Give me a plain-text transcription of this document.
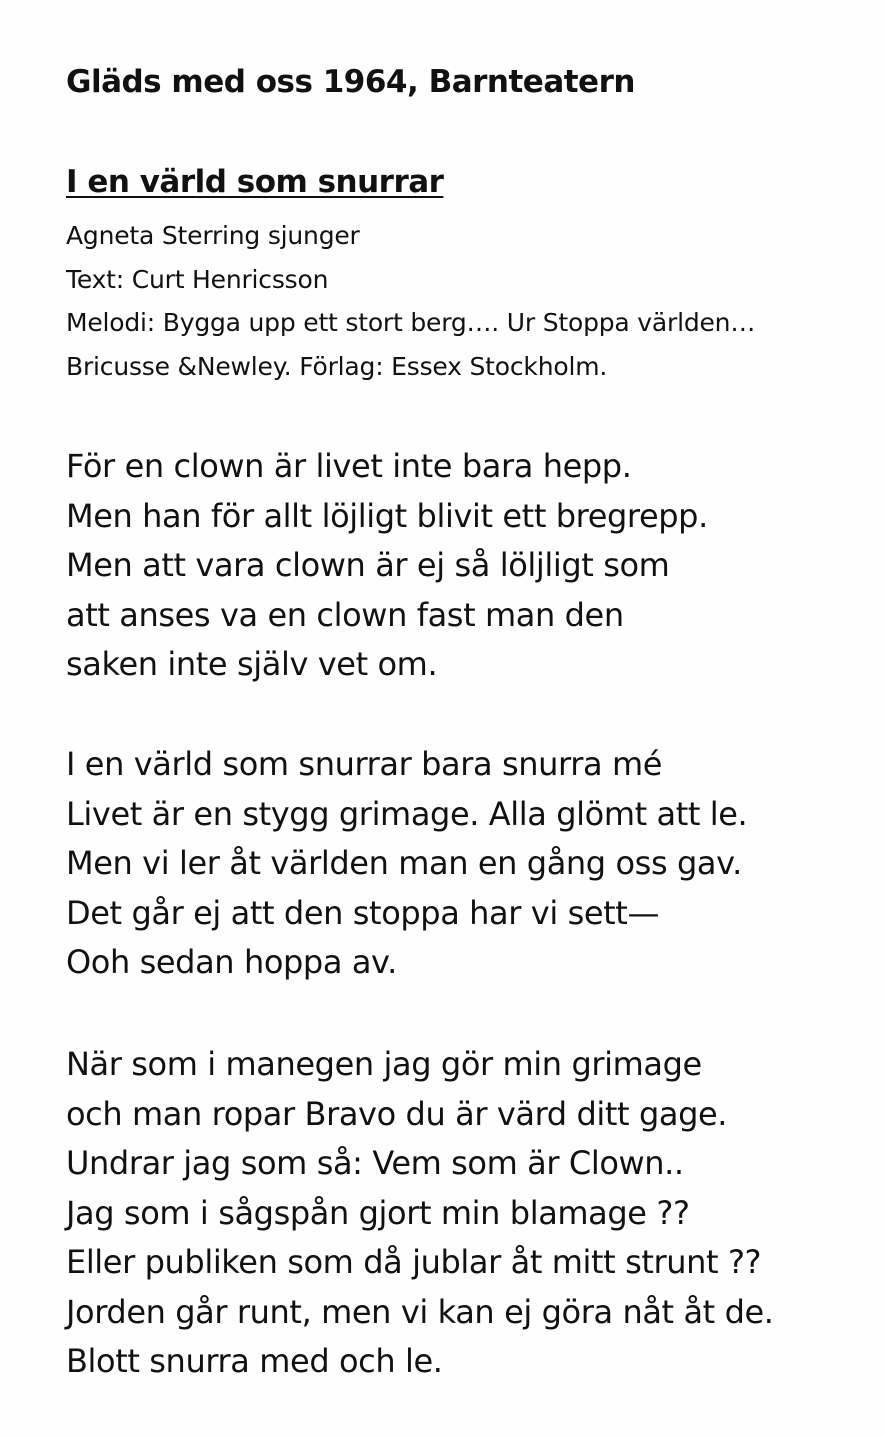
Gläds med oss 1964, Barnteatern
I en värld som snurrar
Agneta Sterring sjunger
Text: Curt Henricsson
Melodi: Bygga upp ett stort berg…. Ur Stoppa världen…
Bricusse &Newley. Förlag: Essex Stockholm.
För en clown är livet inte bara hepp.
Men han för allt löjligt blivit ett bregrepp.
Men att vara clown är ej så löljligt som
att anses va en clown fast man den
saken inte själv vet om.
I en värld som snurrar bara snurra mé
Livet är en stygg grimage. Alla glömt att le.
Men vi ler åt världen man en gång oss gav.
Det går ej att den stoppa har vi sett—
Ooh sedan hoppa av.
När som i manegen jag gör min grimage
och man ropar Bravo du är värd ditt gage.
Undrar jag som så: Vem som är Clown..
Jag som i sågspån gjort min blamage ??
Eller publiken som då jublar åt mitt strunt ??
Jorden går runt, men vi kan ej göra nåt åt de.
Blott snurra med och le.
